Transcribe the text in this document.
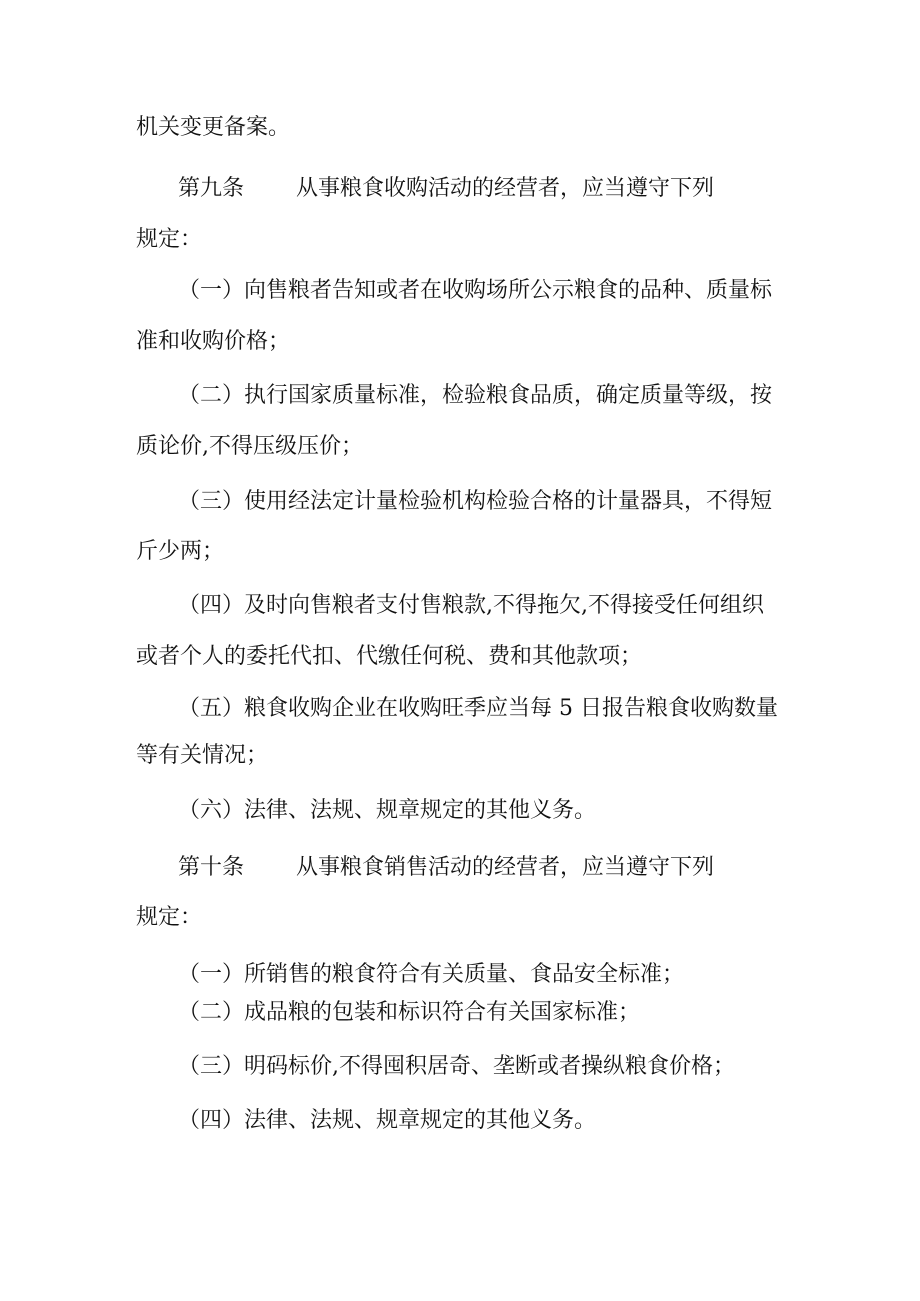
机关变更备案。
第九条 从事粮食收购活动的经营者，应当遵守下列
规定：
（一）向售粮者告知或者在收购场所公示粮食的品种、质量标
准和收购价格；
（二）执行国家质量标准，检验粮食品质，确定质量等级，按
质论价,不得压级压价；
（三）使用经法定计量检验机构检验合格的计量器具，不得短
斤少两；
（四）及时向售粮者支付售粮款,不得拖欠,不得接受任何组织
或者个人的委托代扣、代缴任何税、费和其他款项；
（五）粮食收购企业在收购旺季应当每 5 日报告粮食收购数量
等有关情况；
（六）法律、法规、规章规定的其他义务。
第十条 从事粮食销售活动的经营者，应当遵守下列
规定：
（一）所销售的粮食符合有关质量、食品安全标准；
（二）成品粮的包装和标识符合有关国家标准；
（三）明码标价,不得囤积居奇、垄断或者操纵粮食价格；
（四）法律、法规、规章规定的其他义务。
